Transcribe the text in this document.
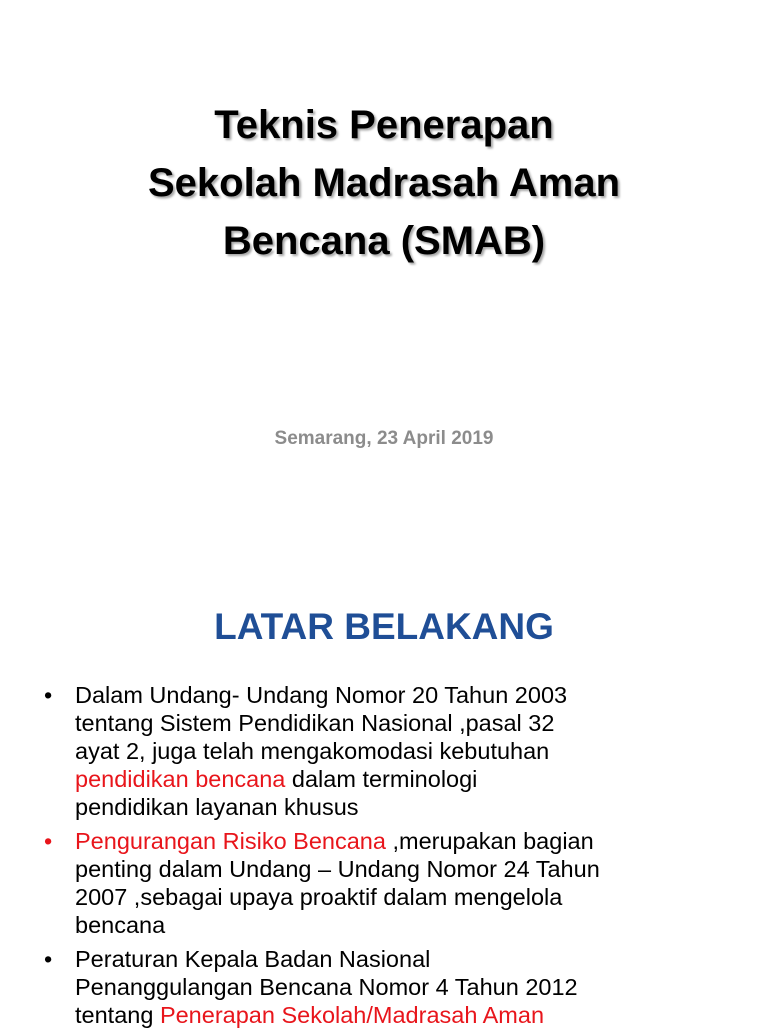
Teknis Penerapan
Sekolah Madrasah Aman
Bencana (SMAB)
Semarang, 23 April 2019
LATAR BELAKANG
• Dalam Undang- Undang Nomor 20 Tahun 2003
tentang Sistem Pendidikan Nasional ,pasal 32
ayat 2, juga telah mengakomodasi kebutuhan
pendidikan bencana dalam terminologi
pendidikan layanan khusus
• Pengurangan Risiko Bencana ,merupakan bagian
penting dalam Undang – Undang Nomor 24 Tahun
2007 ,sebagai upaya proaktif dalam mengelola
bencana
• Peraturan Kepala Badan Nasional
Penanggulangan Bencana Nomor 4 Tahun 2012
tentang Penerapan Sekolah/Madrasah Aman
